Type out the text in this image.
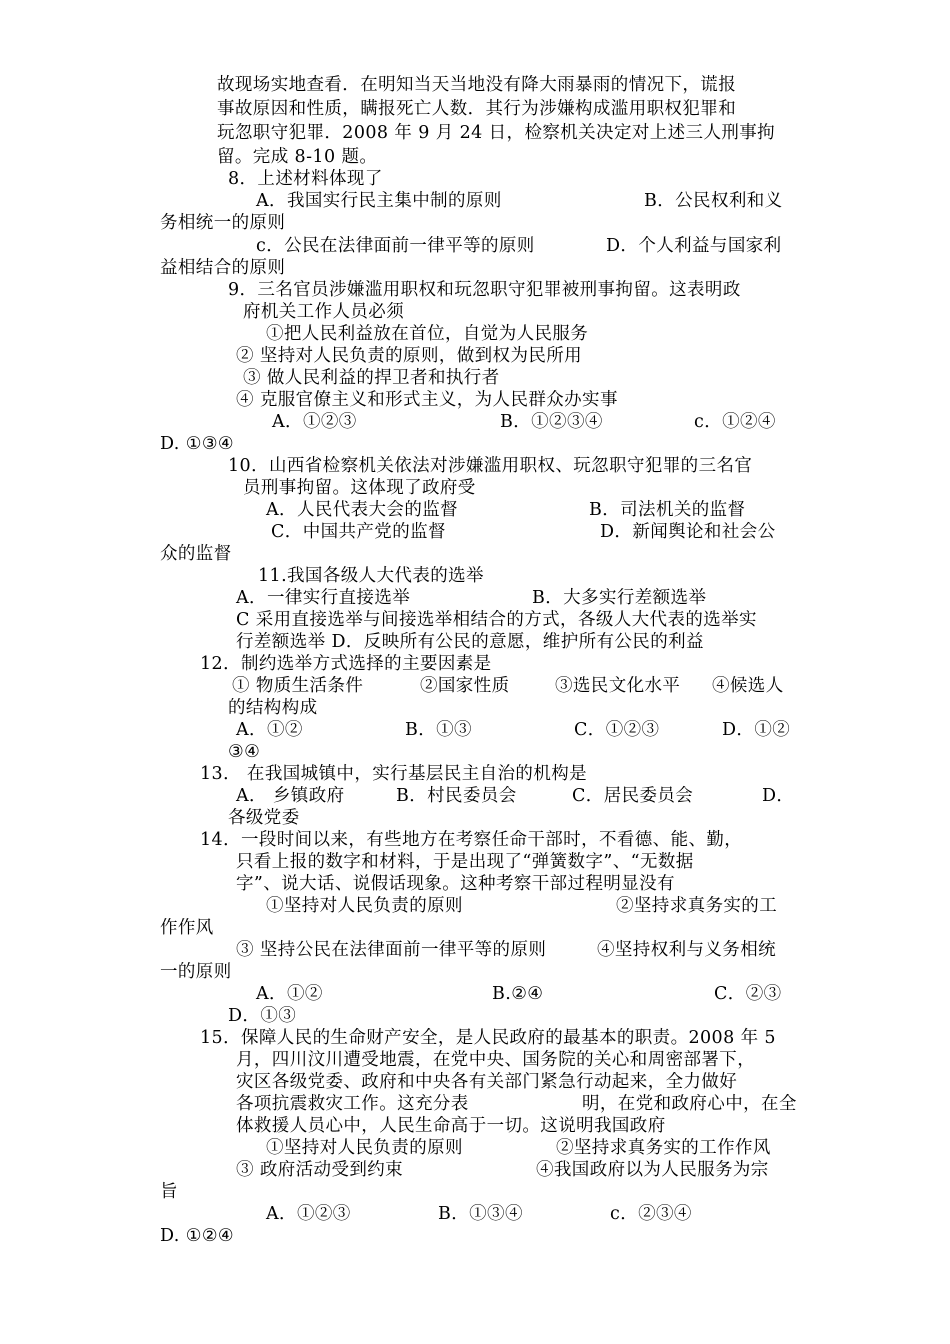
故现场实地查看．在明知当天当地没有降大雨暴雨的情况下，谎报
事故原因和性质，瞒报死亡人数．其行为涉嫌构成滥用职权犯罪和
玩忽职守犯罪．2008 年 9 月 24 日，检察机关决定对上述三人刑事拘
留。完成 8-10 题。
8．上述材料体现了
A．我国实行民主集中制的原则	B．公民权利和义
务相统一的原则
c．公民在法律面前一律平等的原则	D．个人利益与国家利
益相结合的原则
9．三名官员涉嫌滥用职权和玩忽职守犯罪被刑事拘留。这表明政
府机关工作人员必须
①把人民利益放在首位，自觉为人民服务
② 坚持对人民负责的原则，做到权为民所用
③ 做人民利益的捍卫者和执行者
④ 克服官僚主义和形式主义，为人民群众办实事
A．①②③	B．①②③④	c．①②④
D. ①③④
10．山西省检察机关依法对涉嫌滥用职权、玩忽职守犯罪的三名官
员刑事拘留。这体现了政府受
A．人民代表大会的监督	B．司法机关的监督
C．中国共产党的监督	D．新闻舆论和社会公
众的监督
11.我国各级人大代表的选举
A．一律实行直接选举	B．大多实行差额选举
C 采用直接选举与间接选举相结合的方式，各级人大代表的选举实
行差额选举 D．反映所有公民的意愿，维护所有公民的利益
12．制约选举方式选择的主要因素是
① 物质生活条件	②国家性质	③选民文化水平 ④候选人
的结构构成
A．①②	B．①③	C．①②③	D．①②
③④
13． 在我国城镇中，实行基层民主自治的机构是
A． 乡镇政府	B．村民委员会	C．居民委员会	D．
各级党委
14．一段时间以来，有些地方在考察任命干部时，不看德、能、勤，
只看上报的数字和材料，于是出现了“弹簧数字”、“无数据
字”、说大话、说假话现象。这种考察干部过程明显没有
①坚持对人民负责的原则	②坚持求真务实的工
作作风
③ 坚持公民在法律面前一律平等的原则	④坚持权利与义务相统
一的原则
A．①②	B.②④	C．②③
D．①③
15．保障人民的生命财产安全，是人民政府的最基本的职责。2008 年 5
月，四川汶川遭受地震，在党中央、国务院的关心和周密部署下，
灾区各级党委、政府和中央各有关部门紧急行动起来，全力做好
各项抗震救灾工作。这充分表	明，在党和政府心中，在全
体救援人员心中，人民生命高于一切。这说明我国政府
①坚持对人民负责的原则	②坚持求真务实的工作作风
③ 政府活动受到约束	④我国政府以为人民服务为宗
旨
A．①②③	B．①③④	c．②③④
D. ①②④
